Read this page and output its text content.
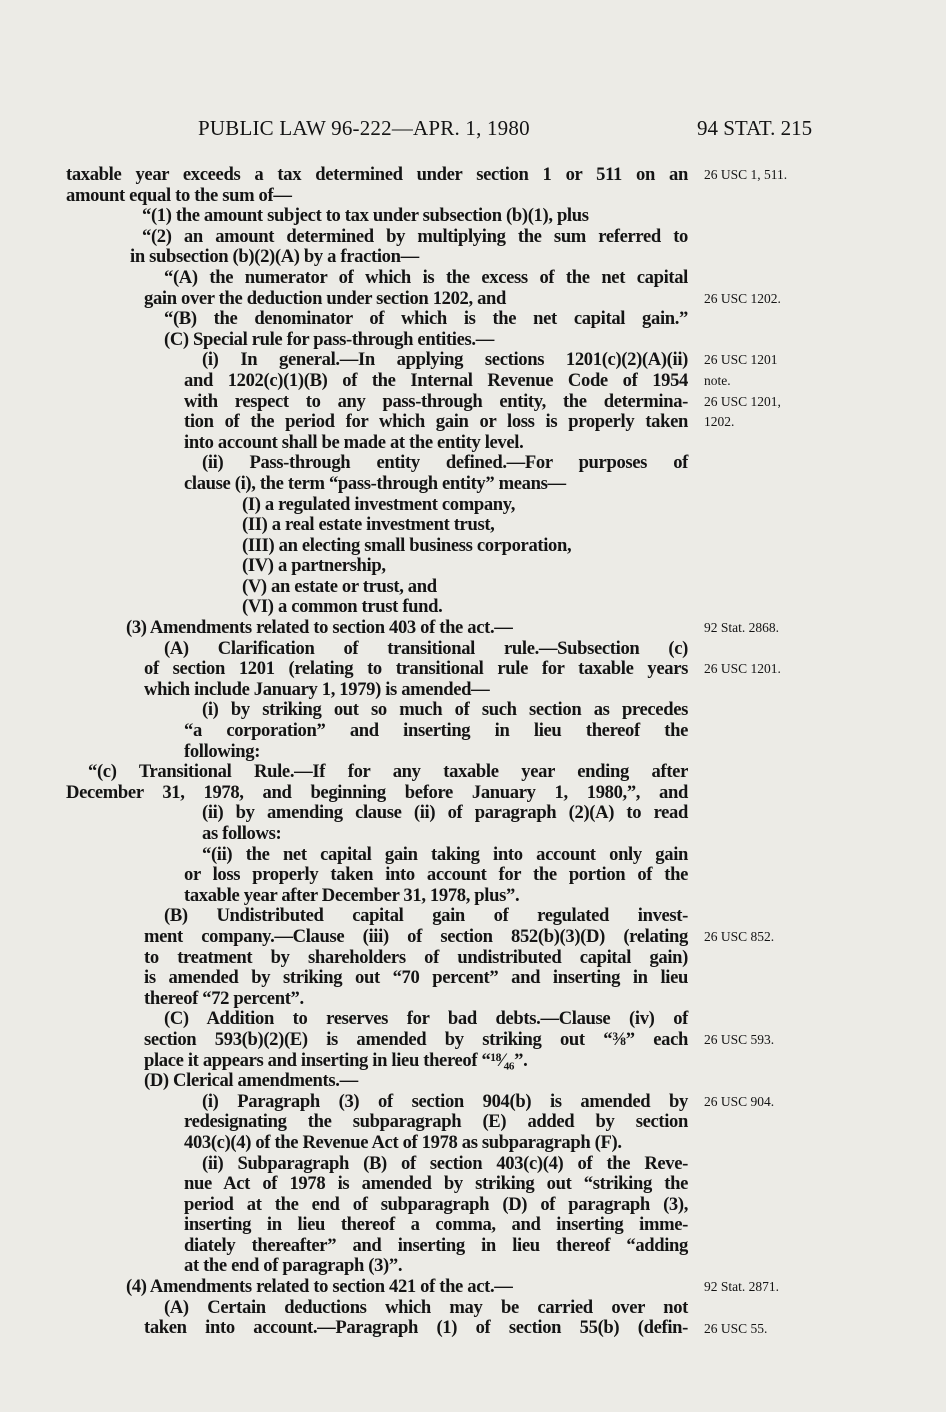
PUBLIC LAW 96-222—APR. 1, 1980	94 STAT. 215
taxable year exceeds a tax determined under section 1 or 511 on an
amount equal to the sum of—
“(1) the amount subject to tax under subsection (b)(1), plus
“(2) an amount determined by multiplying the sum referred to
in subsection (b)(2)(A) by a fraction—
“(A) the numerator of which is the excess of the net capital
gain over the deduction under section 1202, and
“(B) the denominator of which is the net capital gain.”
(C) Special rule for pass-through entities.—
(i) In general.—In applying sections 1201(c)(2)(A)(ii)
and 1202(c)(1)(B) of the Internal Revenue Code of 1954
with respect to any pass-through entity, the determina-
tion of the period for which gain or loss is properly taken
into account shall be made at the entity level.
(ii) Pass-through entity defined.—For purposes of
clause (i), the term “pass-through entity” means—
(I) a regulated investment company,
(II) a real estate investment trust,
(III) an electing small business corporation,
(IV) a partnership,
(V) an estate or trust, and
(VI) a common trust fund.
(3) Amendments related to section 403 of the act.—
(A) Clarification of transitional rule.—Subsection (c)
of section 1201 (relating to transitional rule for taxable years
which include January 1, 1979) is amended—
(i) by striking out so much of such section as precedes
“a corporation” and inserting in lieu thereof the
following:
“(c) Transitional Rule.—If for any taxable year ending after
December 31, 1978, and beginning before January 1, 1980,”, and
(ii) by amending clause (ii) of paragraph (2)(A) to read
as follows:
“(ii) the net capital gain taking into account only gain
or loss properly taken into account for the portion of the
taxable year after December 31, 1978, plus”.
(B) Undistributed capital gain of regulated invest-
ment company.—Clause (iii) of section 852(b)(3)(D) (relating
to treatment by shareholders of undistributed capital gain)
is amended by striking out “70 percent” and inserting in lieu
thereof “72 percent”.
(C) Addition to reserves for bad debts.—Clause (iv) of
section 593(b)(2)(E) is amended by striking out “⅜” each
place it appears and inserting in lieu thereof “¹⁸⁄₄₆”.
(D) Clerical amendments.—
(i) Paragraph (3) of section 904(b) is amended by
redesignating the subparagraph (E) added by section
403(c)(4) of the Revenue Act of 1978 as subparagraph (F).
(ii) Subparagraph (B) of section 403(c)(4) of the Reve-
nue Act of 1978 is amended by striking out “striking the
period at the end of subparagraph (D) of paragraph (3),
inserting in lieu thereof a comma, and inserting imme-
diately thereafter” and inserting in lieu thereof “adding
at the end of paragraph (3)”.
(4) Amendments related to section 421 of the act.—
(A) Certain deductions which may be carried over not
taken into account.—Paragraph (1) of section 55(b) (defin-
26 USC 1, 511.
26 USC 1202.
26 USC 1201
note.
26 USC 1201,
1202.
92 Stat. 2868.
26 USC 1201.
26 USC 852.
26 USC 593.
26 USC 904.
92 Stat. 2871.
26 USC 55.
